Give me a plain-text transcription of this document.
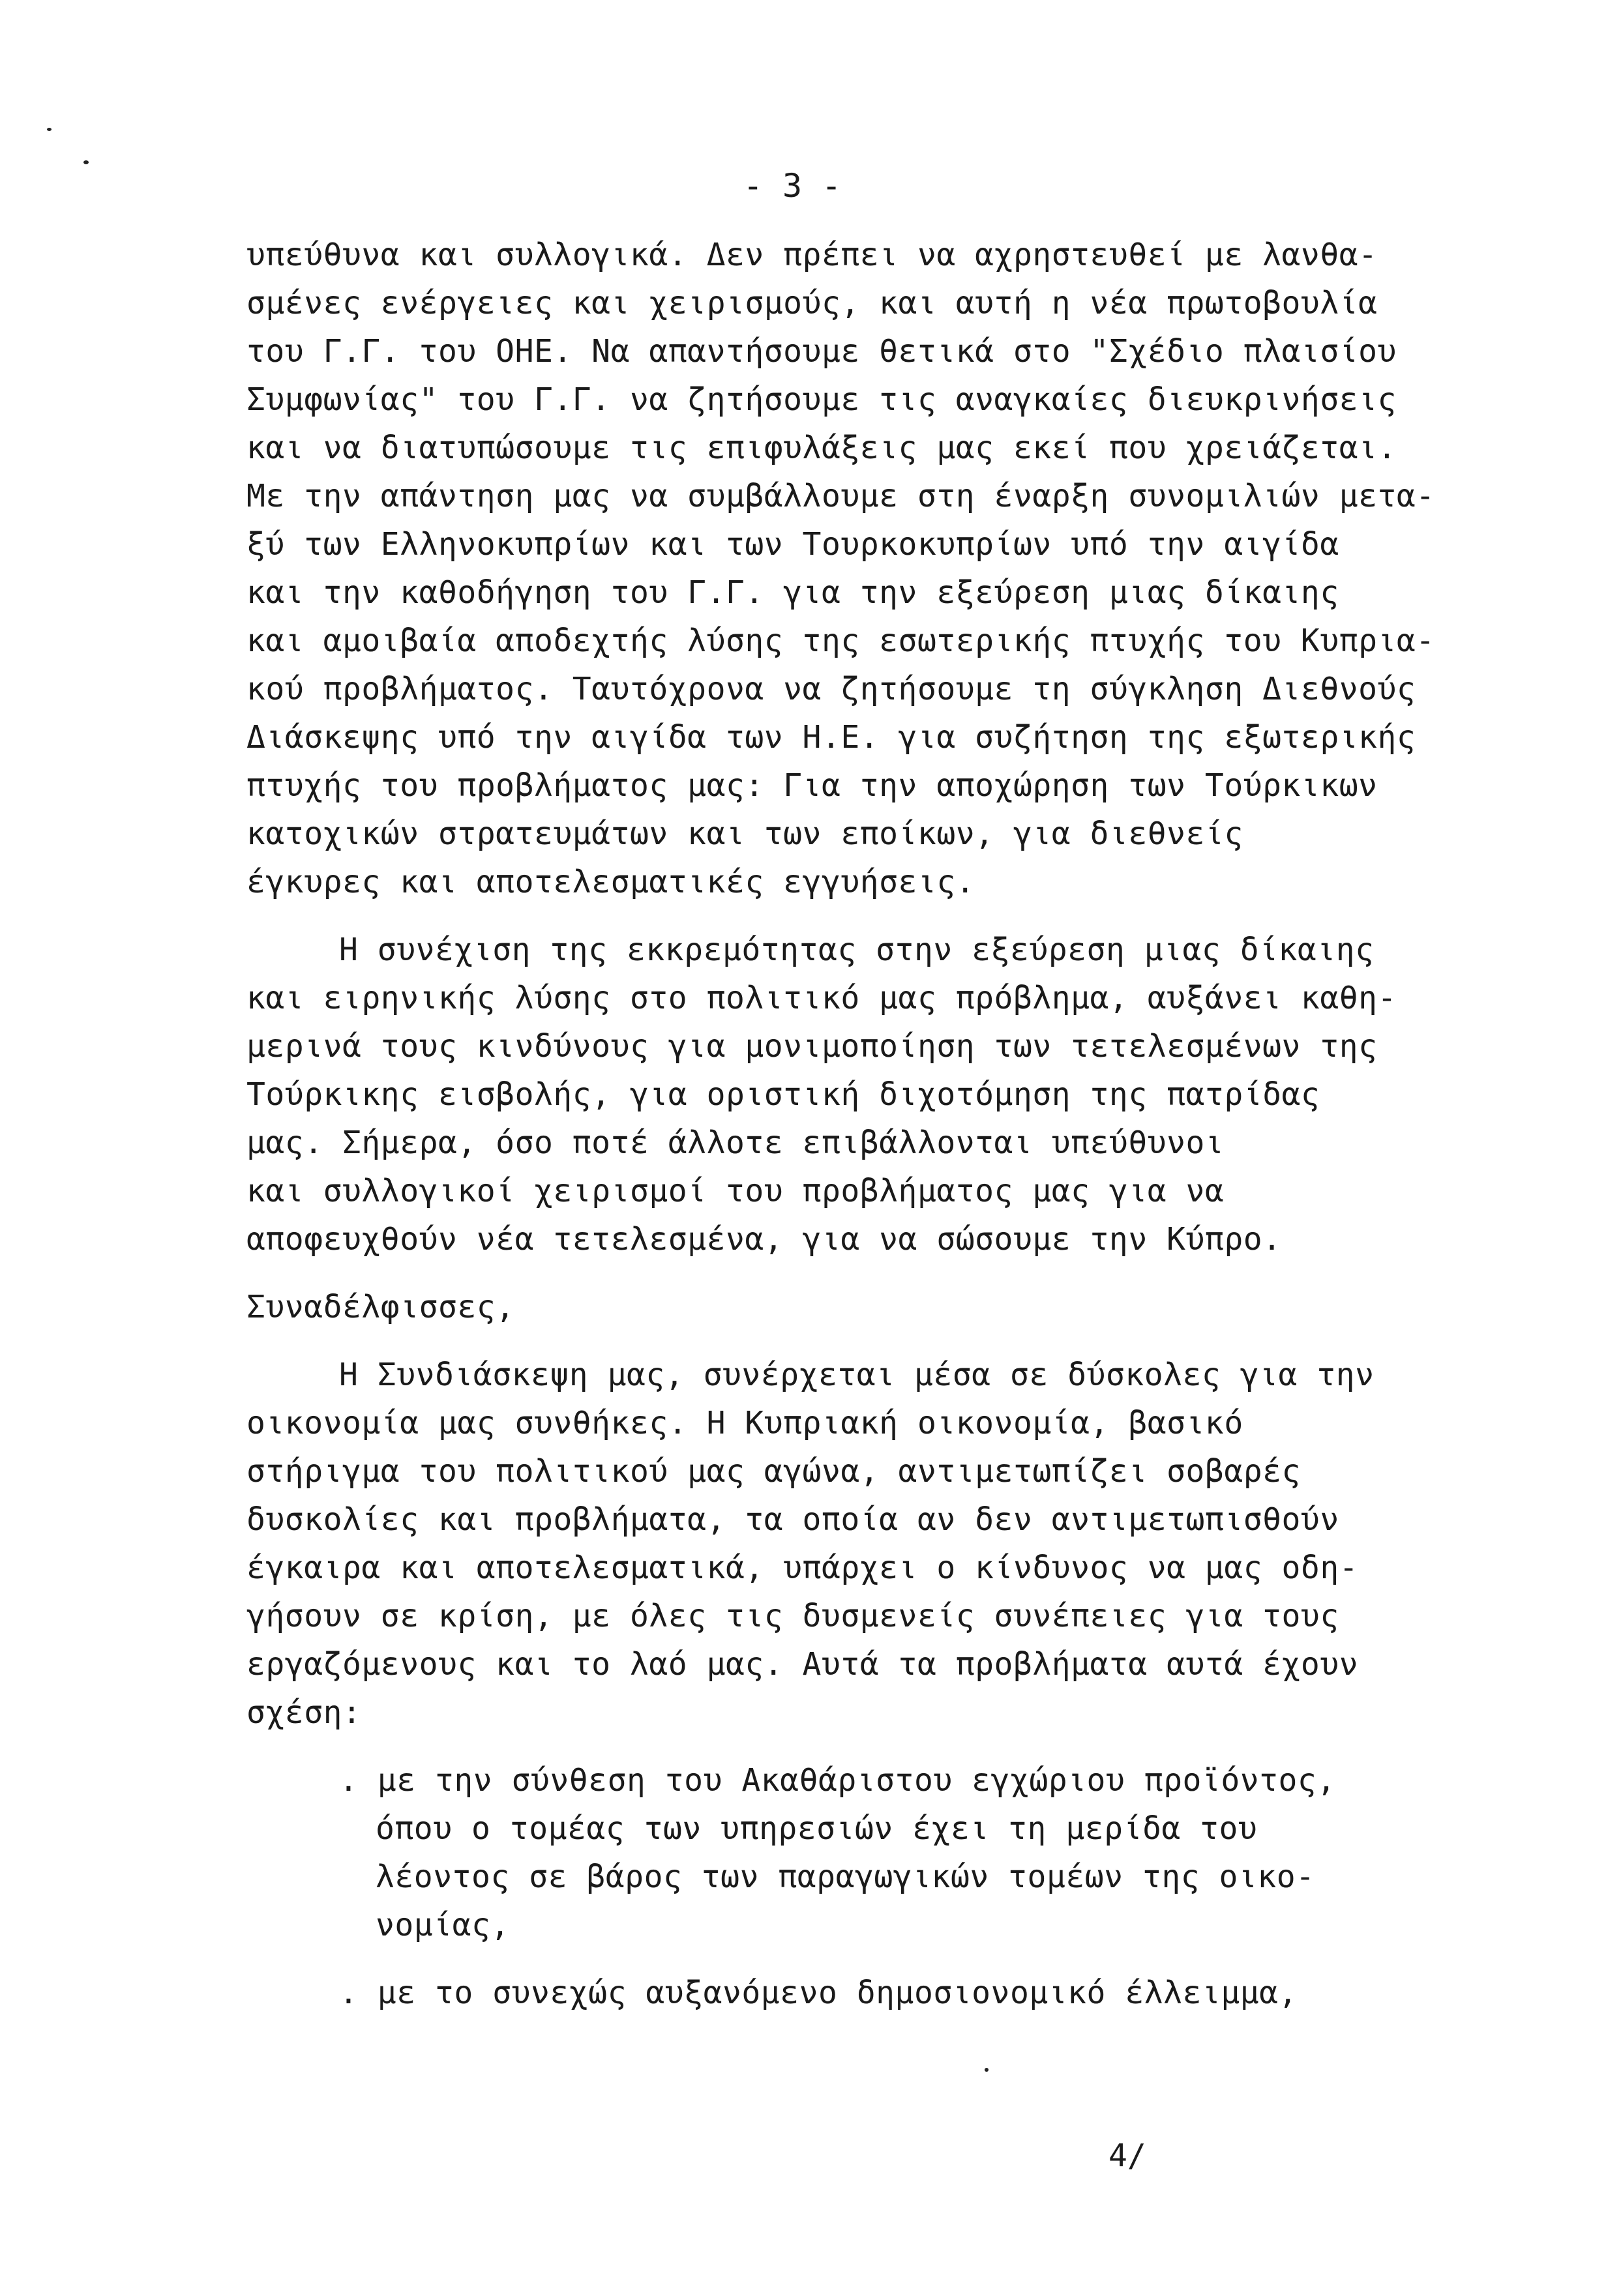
- 3 -
υπεύθυνα και συλλογικά. Δεν πρέπει να αχρηστευθεί με λανθα-
σμένες ενέργειες και χειρισμούς, και αυτή η νέα πρωτοβουλία
του Γ.Γ. του ΟΗΕ. Να απαντήσουμε θετικά στο "Σχέδιο πλαισίου
Συμφωνίας" του Γ.Γ. να ζητήσουμε τις αναγκαίες διευκρινήσεις
και να διατυπώσουμε τις επιφυλάξεις μας εκεί που χρειάζεται.
Με την απάντηση μας να συμβάλλουμε στη έναρξη συνομιλιών μετα-
ξύ των Ελληνοκυπρίων και των Τουρκοκυπρίων υπό την αιγίδα
και την καθοδήγηση του Γ.Γ. για την εξεύρεση μιας δίκαιης
και αμοιβαία αποδεχτής λύσης της εσωτερικής πτυχής του Κυπρια-
κού προβλήματος. Ταυτόχρονα να ζητήσουμε τη σύγκληση Διεθνούς
Διάσκεψης υπό την αιγίδα των Η.Ε. για συζήτηση της εξωτερικής
πτυχής του προβλήματος μας: Για την αποχώρηση των Τούρκικων
κατοχικών στρατευμάτων και των εποίκων, για διεθνείς
έγκυρες και αποτελεσματικές εγγυήσεις.
Η συνέχιση της εκκρεμότητας στην εξεύρεση μιας δίκαιης
και ειρηνικής λύσης στο πολιτικό μας πρόβλημα, αυξάνει καθη-
μερινά τους κινδύνους για μονιμοποίηση των τετελεσμένων της
Τούρκικης εισβολής, για οριστική διχοτόμηση της πατρίδας
μας. Σήμερα, όσο ποτέ άλλοτε επιβάλλονται υπεύθυνοι
και συλλογικοί χειρισμοί του προβλήματος μας για να
αποφευχθούν νέα τετελεσμένα, για να σώσουμε την Κύπρο.
Συναδέλφισσες,
Η Συνδιάσκεψη μας, συνέρχεται μέσα σε δύσκολες για την
οικονομία μας συνθήκες. Η Κυπριακή οικονομία, βασικό
στήριγμα του πολιτικού μας αγώνα, αντιμετωπίζει σοβαρές
δυσκολίες και προβλήματα, τα οποία αν δεν αντιμετωπισθούν
έγκαιρα και αποτελεσματικά, υπάρχει ο κίνδυνος να μας οδη-
γήσουν σε κρίση, με όλες τις δυσμενείς συνέπειες για τους
εργαζόμενους και το λαό μας. Αυτά τα προβλήματα αυτά έχουν
σχέση:
. με την σύνθεση του Ακαθάριστου εγχώριου προϊόντος,
όπου ο τομέας των υπηρεσιών έχει τη μερίδα του
λέοντος σε βάρος των παραγωγικών τομέων της οικο-
νομίας,
. με το συνεχώς αυξανόμενο δημοσιονομικό έλλειμμα,
4/
